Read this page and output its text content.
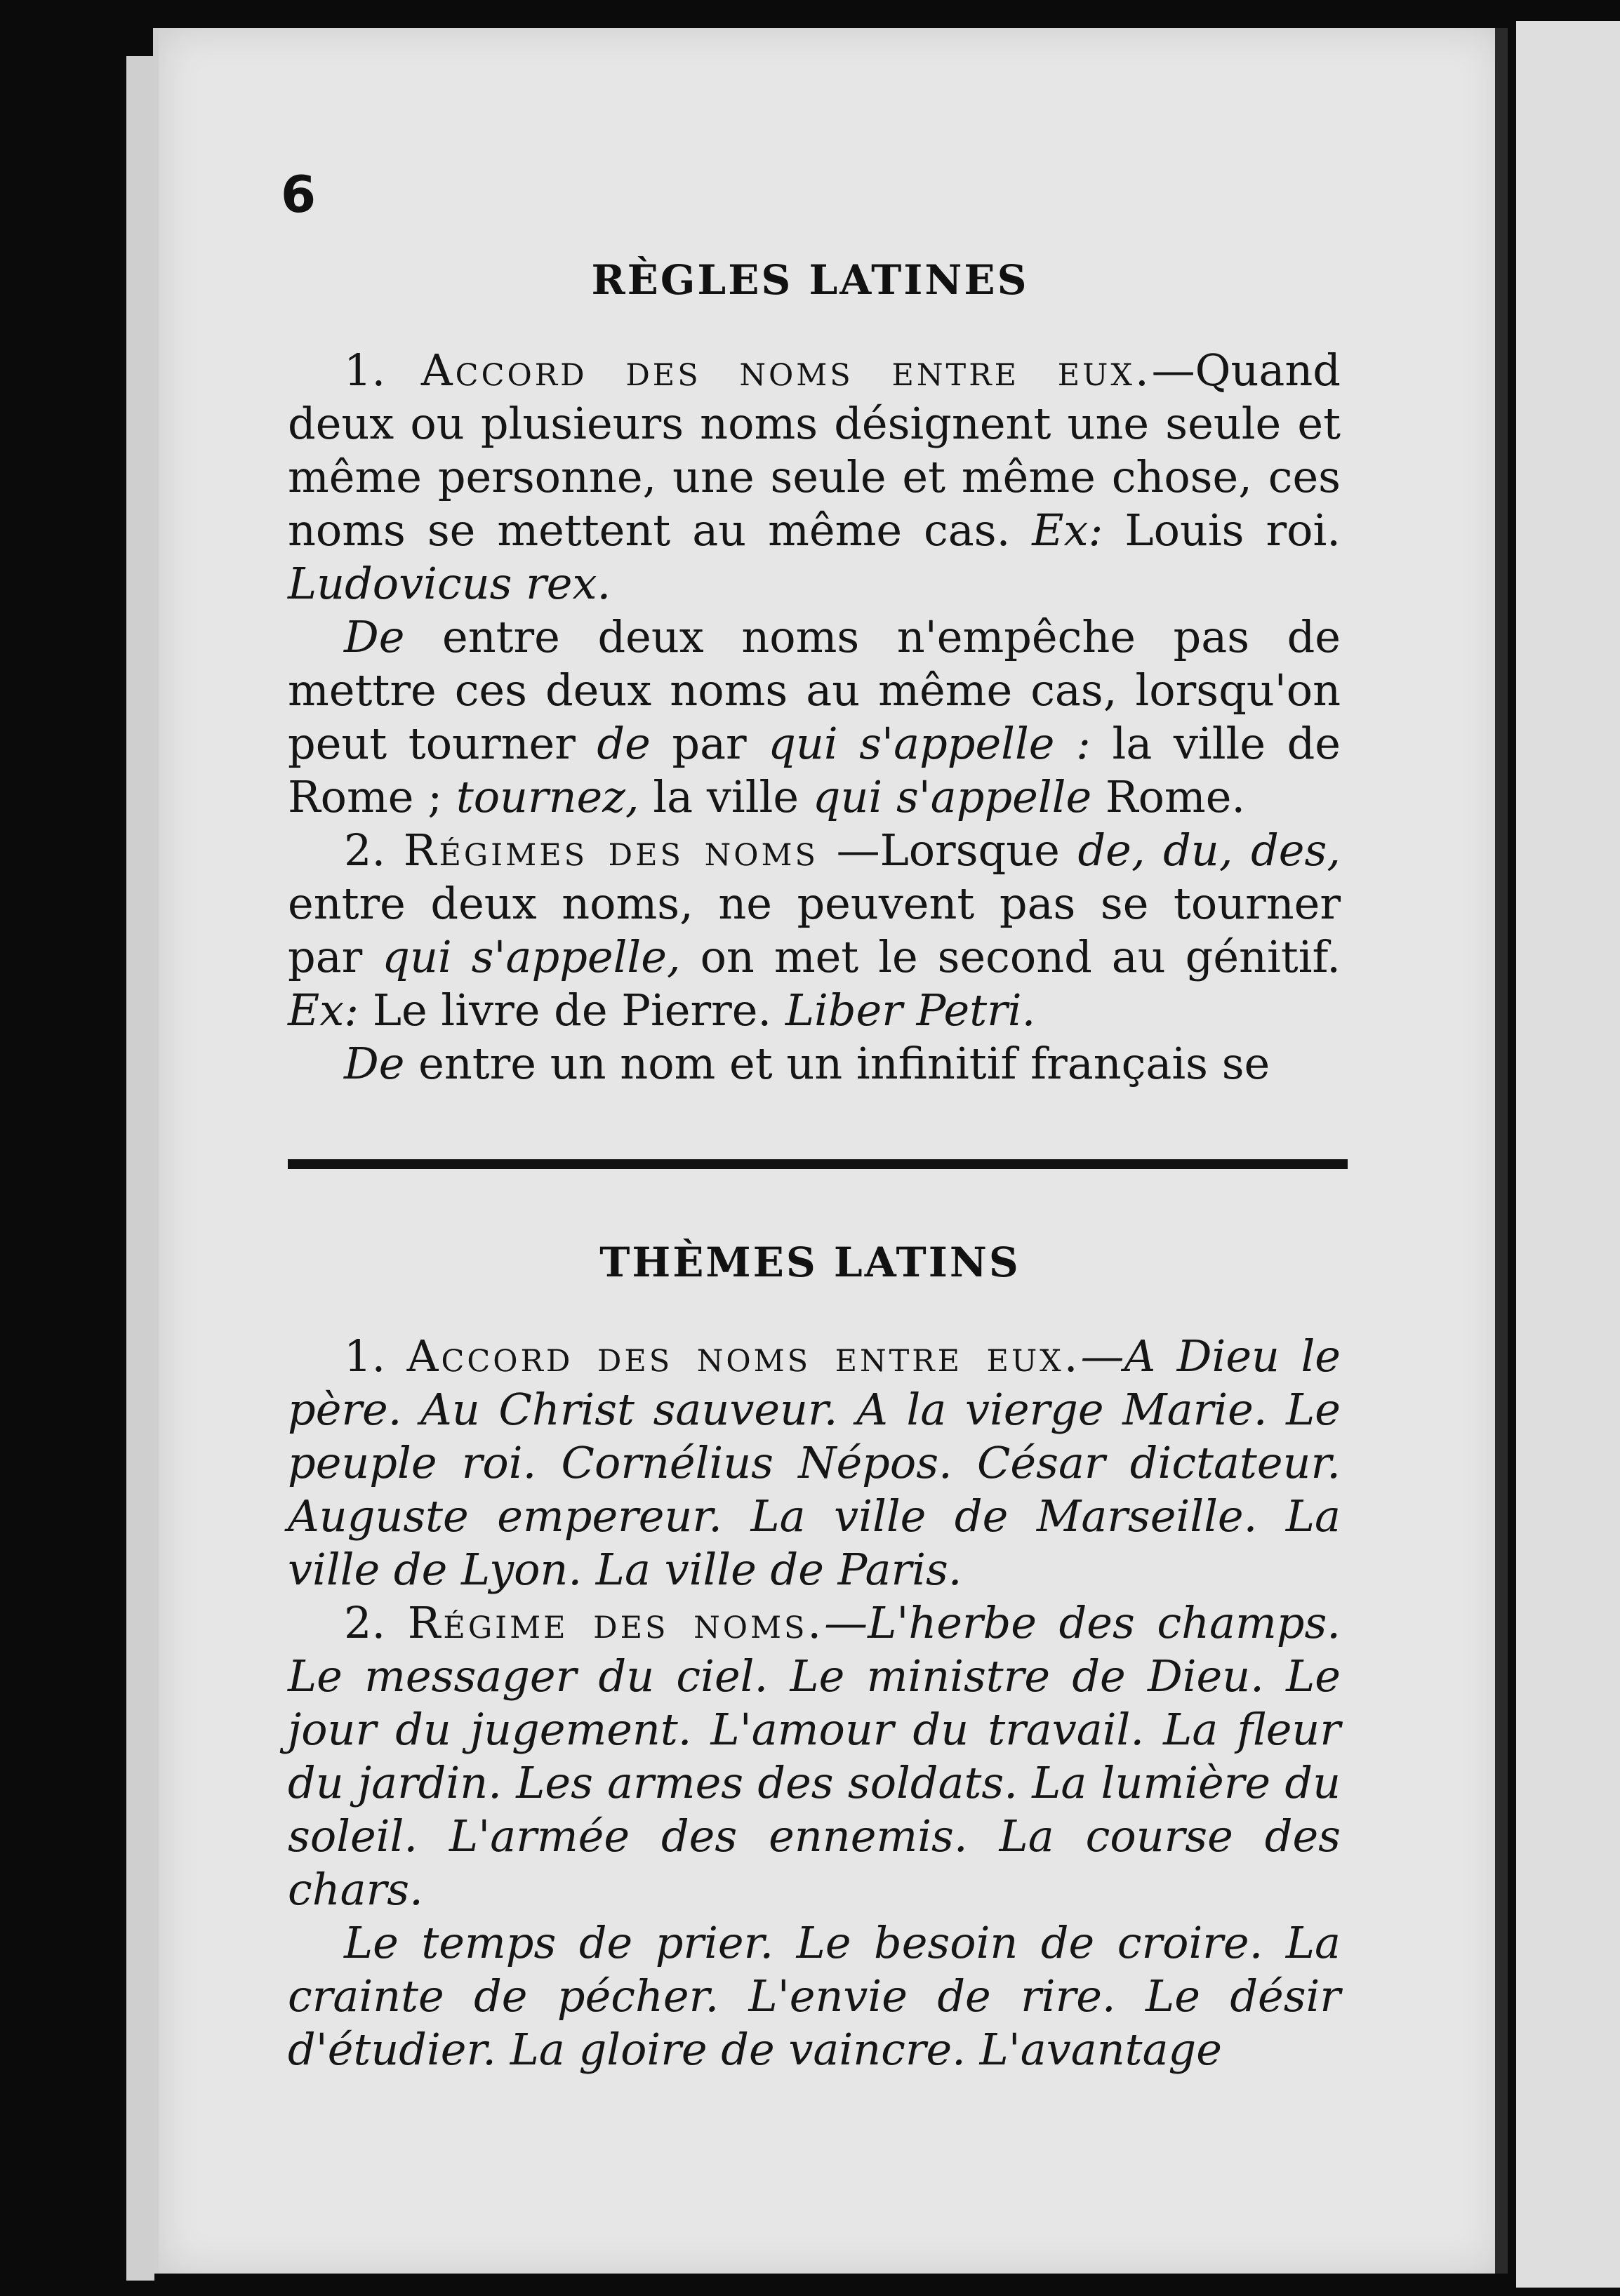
6
RÈGLES LATINES

1. Accord des noms entre eux.—Quand deux ou plusieurs noms désignent une seule et même personne, une seule et même chose, ces noms se mettent au même cas. Ex: Louis roi. Ludovicus rex.

De entre deux noms n'empêche pas de mettre ces deux noms au même cas, lorsqu'on peut tourner de par qui s'appelle : la ville de Rome ; tournez, la ville qui s'appelle Rome.

2. Régimes des noms —Lorsque de, du, des, entre deux noms, ne peuvent pas se tourner par qui s'appelle, on met le second au génitif. Ex: Le livre de Pierre. Liber Petri.

De entre un nom et un infinitif français se

THÈMES LATINS

1. Accord des noms entre eux.—A Dieu le père. Au Christ sauveur. A la vierge Marie. Le peuple roi. Cornélius Népos. César dictateur. Auguste empereur. La ville de Marseille. La ville de Lyon. La ville de Paris.

2. Régime des noms.—L'herbe des champs. Le messager du ciel. Le ministre de Dieu. Le jour du jugement. L'amour du travail. La fleur du jardin. Les armes des soldats. La lumière du soleil. L'armée des ennemis. La course des chars.

Le temps de prier. Le besoin de croire. La crainte de pécher. L'envie de rire. Le désir d'étudier. La gloire de vaincre. L'avantage
